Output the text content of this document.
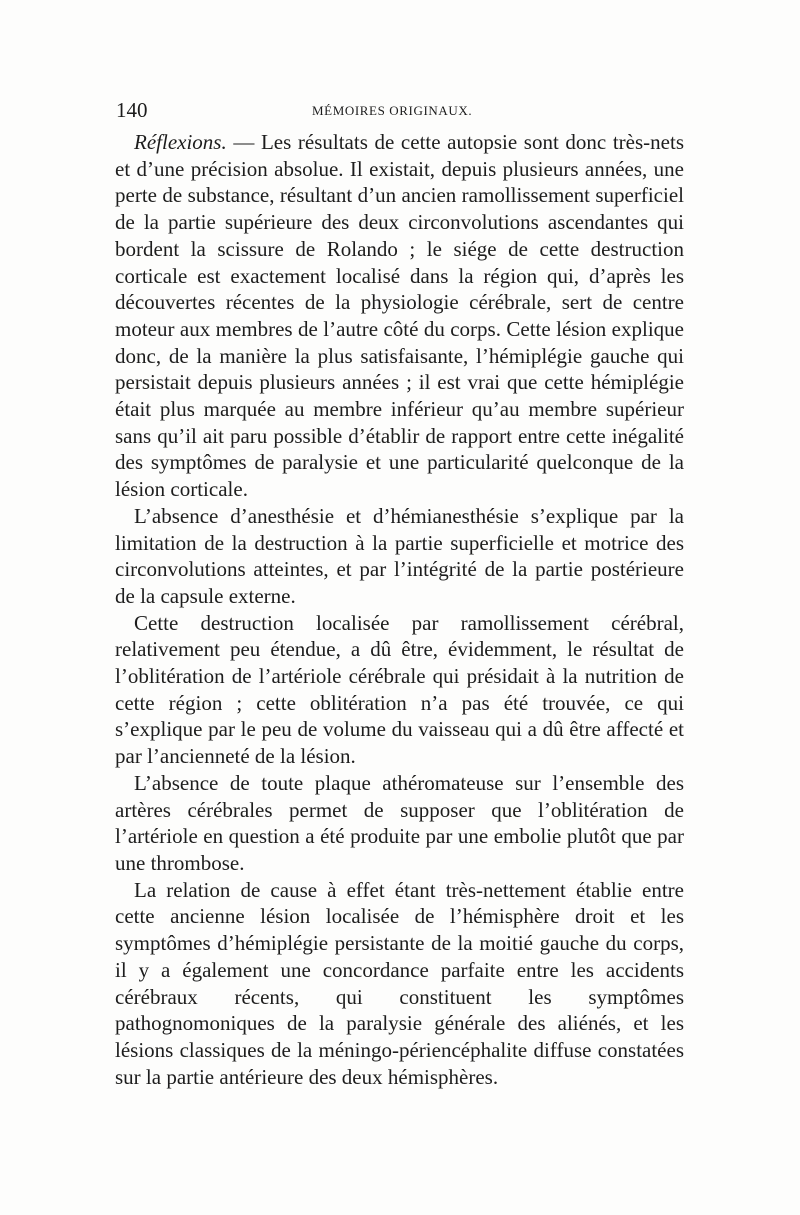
140	MÉMOIRES ORIGINAUX.

Réflexions. — Les résultats de cette autopsie sont donc très-nets et d’une précision absolue. Il existait, depuis plusieurs années, une perte de substance, résultant d’un ancien ramollissement superficiel de la partie supérieure des deux circonvolutions ascendantes qui bordent la scissure de Rolando ; le siége de cette destruction corticale est exactement localisé dans la région qui, d’après les découvertes récentes de la physiologie cérébrale, sert de centre moteur aux membres de l’autre côté du corps. Cette lésion explique donc, de la manière la plus satisfaisante, l’hémiplégie gauche qui persistait depuis plusieurs années ; il est vrai que cette hémiplégie était plus marquée au membre inférieur qu’au membre supérieur sans qu’il ait paru possible d’établir de rapport entre cette inégalité des symptômes de paralysie et une particularité quelconque de la lésion corticale.

L’absence d’anesthésie et d’hémianesthésie s’explique par la limitation de la destruction à la partie superficielle et motrice des circonvolutions atteintes, et par l’intégrité de la partie postérieure de la capsule externe.

Cette destruction localisée par ramollissement cérébral, relativement peu étendue, a dû être, évidemment, le résultat de l’oblitération de l’artériole cérébrale qui présidait à la nutrition de cette région ; cette oblitération n’a pas été trouvée, ce qui s’explique par le peu de volume du vaisseau qui a dû être affecté et par l’ancienneté de la lésion.

L’absence de toute plaque athéromateuse sur l’ensemble des artères cérébrales permet de supposer que l’oblitération de l’artériole en question a été produite par une embolie plutôt que par une thrombose.

La relation de cause à effet étant très-nettement établie entre cette ancienne lésion localisée de l’hémisphère droit et les symptômes d’hémiplégie persistante de la moitié gauche du corps, il y a également une concordance parfaite entre les accidents cérébraux récents, qui constituent les symptômes pathognomoniques de la paralysie générale des aliénés, et les lésions classiques de la méningo-périencéphalite diffuse constatées sur la partie antérieure des deux hémisphères.
